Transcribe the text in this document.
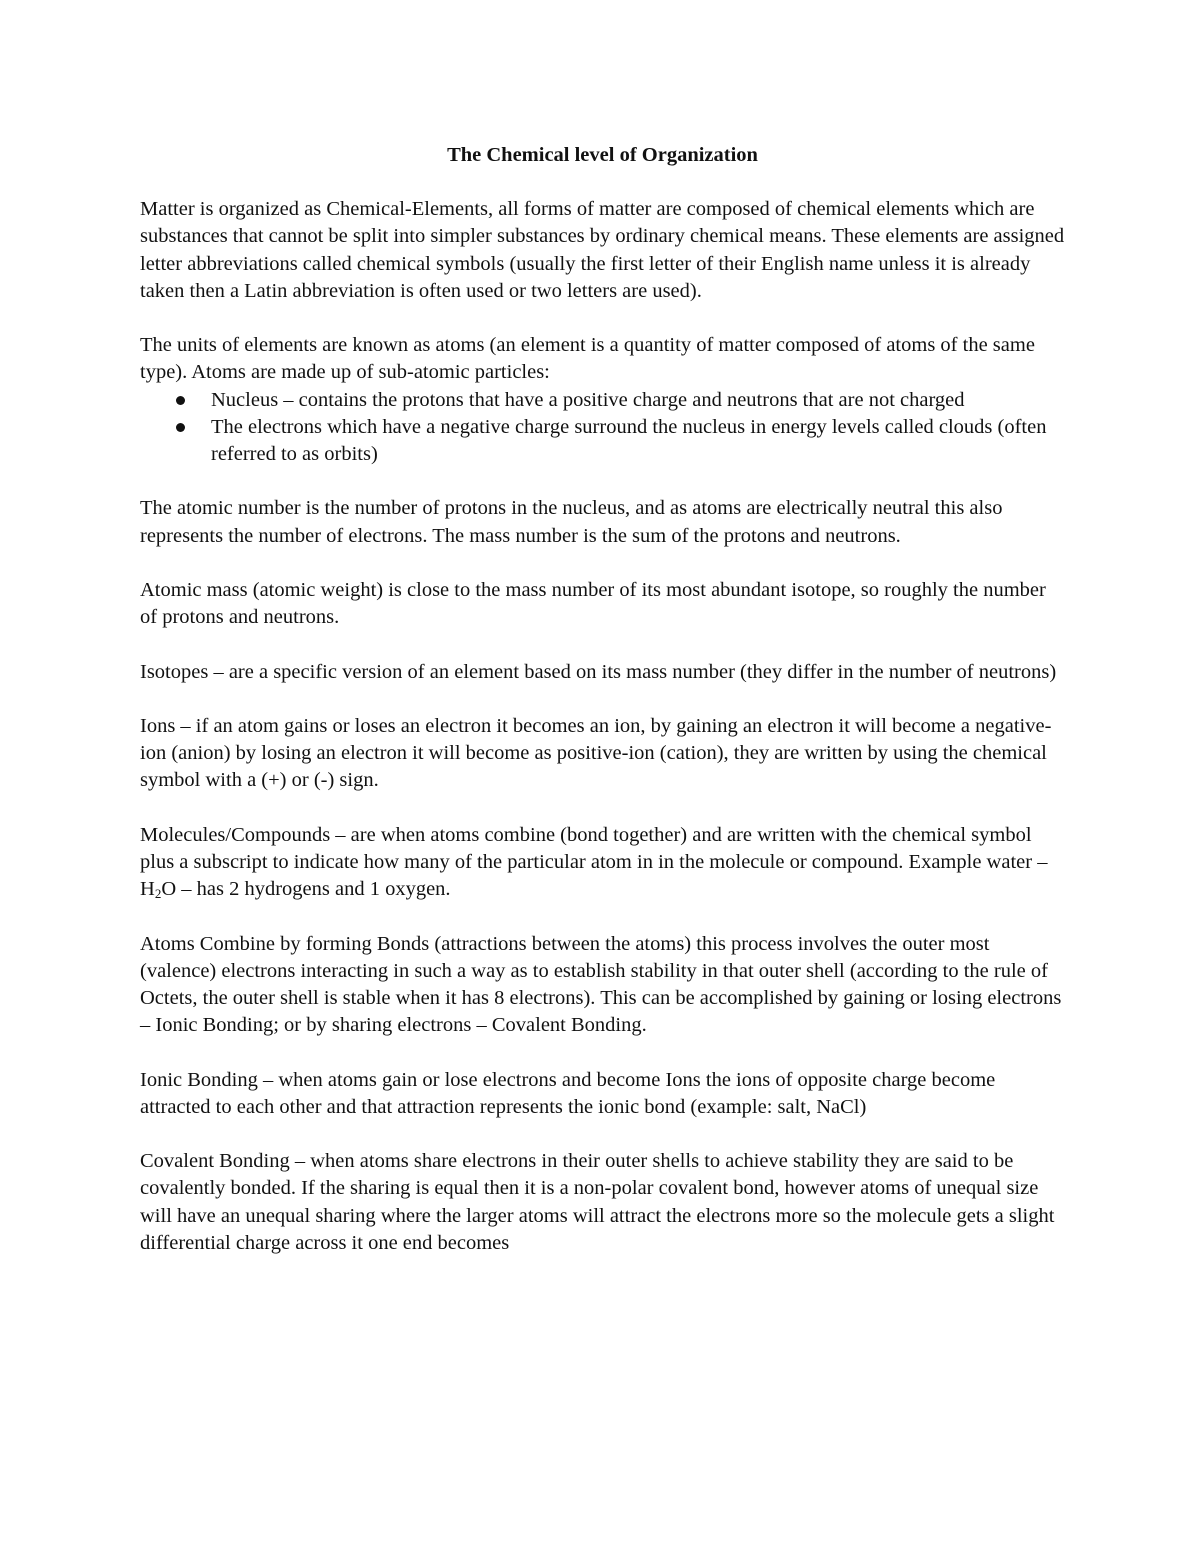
The Chemical level of Organization

Matter is organized as Chemical-Elements, all forms of matter are composed of chemical elements which are substances that cannot be split into simpler substances by ordinary chemical means. These elements are assigned letter abbreviations called chemical symbols (usually the first letter of their English name unless it is already taken then a Latin abbreviation is often used or two letters are used).

The units of elements are known as atoms (an element is a quantity of matter composed of atoms of the same type). Atoms are made up of sub-atomic particles:

Nucleus – contains the protons that have a positive charge and neutrons that are not charged
The electrons which have a negative charge surround the nucleus in energy levels called clouds (often referred to as orbits)

The atomic number is the number of protons in the nucleus, and as atoms are electrically neutral this also represents the number of electrons. The mass number is the sum of the protons and neutrons.

Atomic mass (atomic weight) is close to the mass number of its most abundant isotope, so roughly the number of protons and neutrons.

Isotopes – are a specific version of an element based on its mass number (they differ in the number of neutrons)

Ions – if an atom gains or loses an electron it becomes an ion, by gaining an electron it will become a negative-ion (anion) by losing an electron it will become as positive-ion (cation), they are written by using the chemical symbol with a (+) or (-) sign.

Molecules/Compounds – are when atoms combine (bond together) and are written with the chemical symbol plus a subscript to indicate how many of the particular atom in in the molecule or compound. Example water – $H_2O$ – has 2 hydrogens and 1 oxygen.

Atoms Combine by forming Bonds (attractions between the atoms) this process involves the outer most (valence) electrons interacting in such a way as to establish stability in that outer shell (according to the rule of Octets, the outer shell is stable when it has 8 electrons). This can be accomplished by gaining or losing electrons – Ionic Bonding; or by sharing electrons – Covalent Bonding.

Ionic Bonding – when atoms gain or lose electrons and become Ions the ions of opposite charge become attracted to each other and that attraction represents the ionic bond (example: salt, NaCl)

Covalent Bonding – when atoms share electrons in their outer shells to achieve stability they are said to be covalently bonded. If the sharing is equal then it is a non-polar covalent bond, however atoms of unequal size will have an unequal sharing where the larger atoms will attract the electrons more so the molecule gets a slight differential charge across it one end becomes
